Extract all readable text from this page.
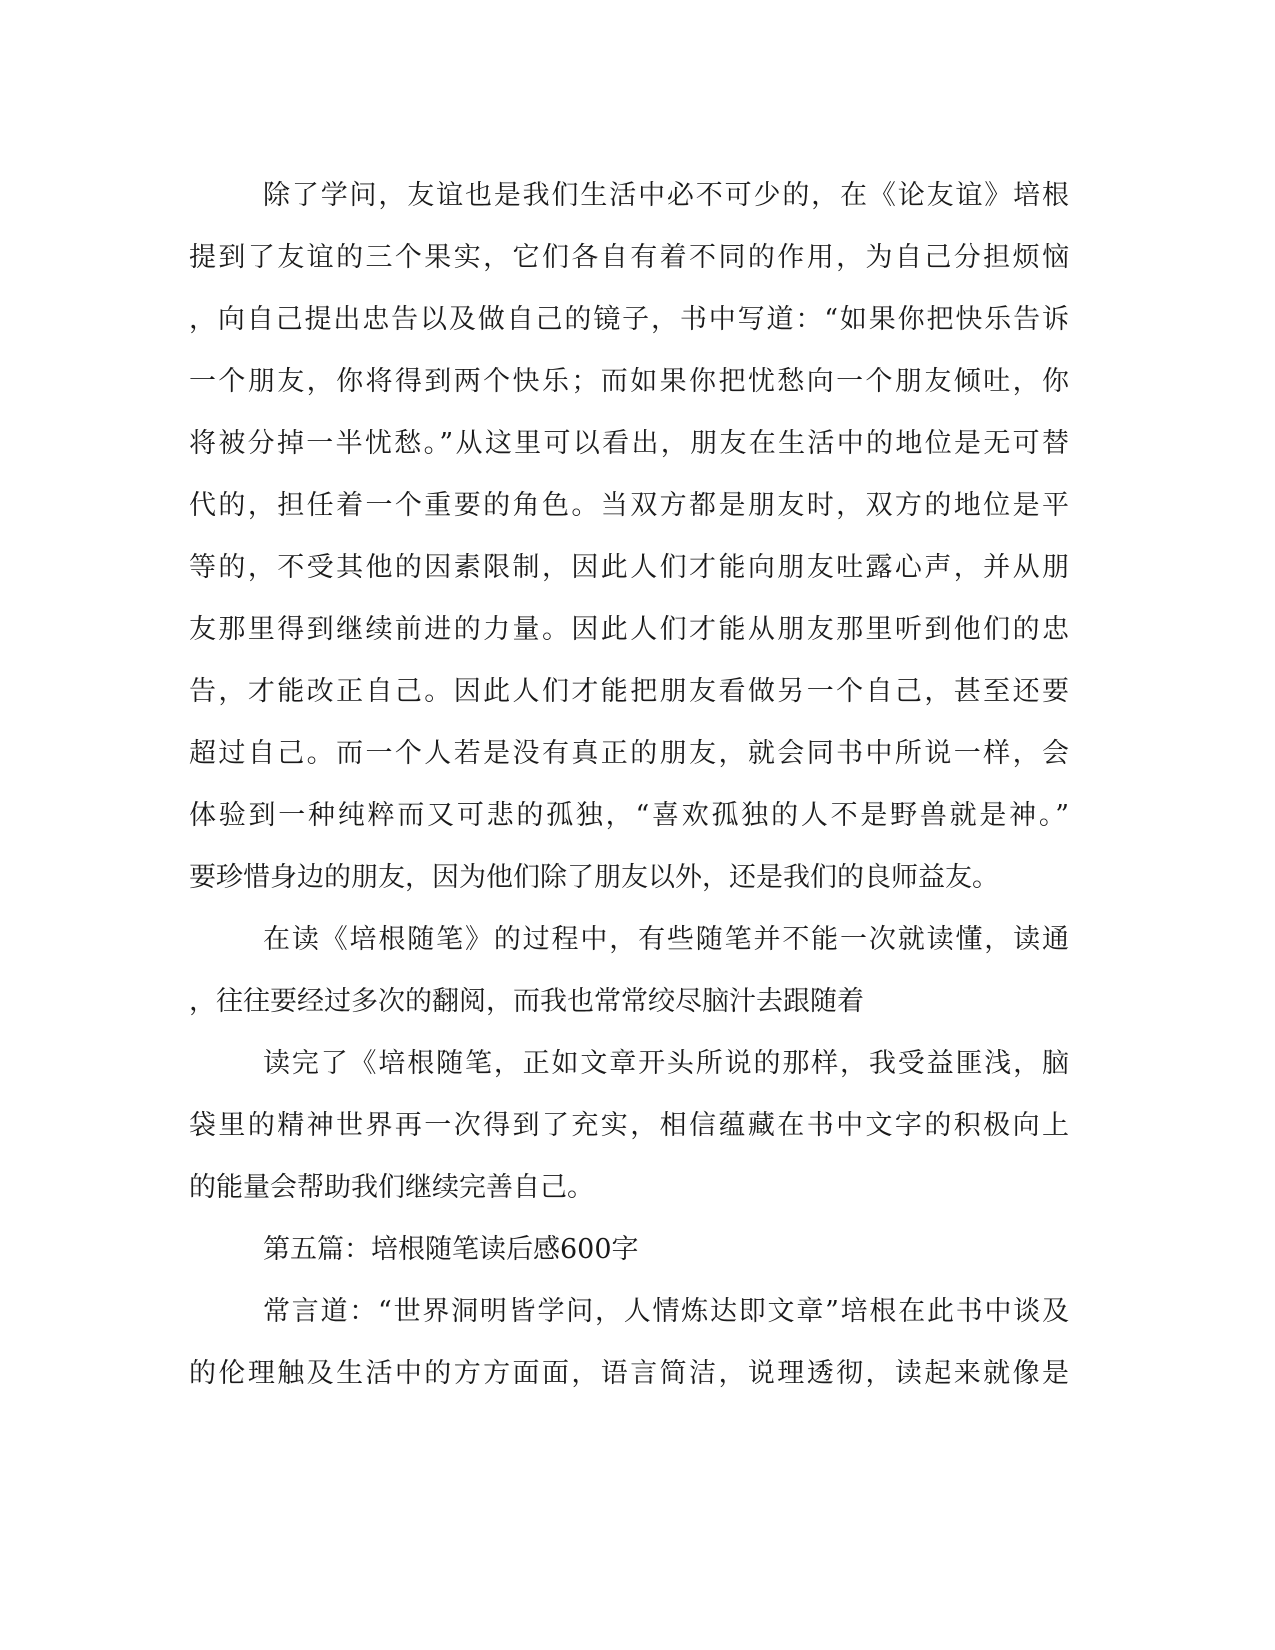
除了学问，友谊也是我们生活中必不可少的，在《论友谊》培根
提到了友谊的三个果实，它们各自有着不同的作用，为自己分担烦恼
，向自己提出忠告以及做自己的镜子，书中写道：“如果你把快乐告诉
一个朋友，你将得到两个快乐；而如果你把忧愁向一个朋友倾吐，你
将被分掉一半忧愁。”从这里可以看出，朋友在生活中的地位是无可替
代的，担任着一个重要的角色。当双方都是朋友时，双方的地位是平
等的，不受其他的因素限制，因此人们才能向朋友吐露心声，并从朋
友那里得到继续前进的力量。因此人们才能从朋友那里听到他们的忠
告，才能改正自己。因此人们才能把朋友看做另一个自己，甚至还要
超过自己。而一个人若是没有真正的朋友，就会同书中所说一样，会
体验到一种纯粹而又可悲的孤独，“喜欢孤独的人不是野兽就是神。”
要珍惜身边的朋友，因为他们除了朋友以外，还是我们的良师益友。
在读《培根随笔》的过程中，有些随笔并不能一次就读懂，读通
，往往要经过多次的翻阅，而我也常常绞尽脑汁去跟随着
读完了《培根随笔，正如文章开头所说的那样，我受益匪浅，脑
袋里的精神世界再一次得到了充实，相信蕴藏在书中文字的积极向上
的能量会帮助我们继续完善自己。
第五篇：培根随笔读后感600字
常言道：“世界洞明皆学问，人情炼达即文章”培根在此书中谈及
的伦理触及生活中的方方面面，语言简洁，说理透彻，读起来就像是
